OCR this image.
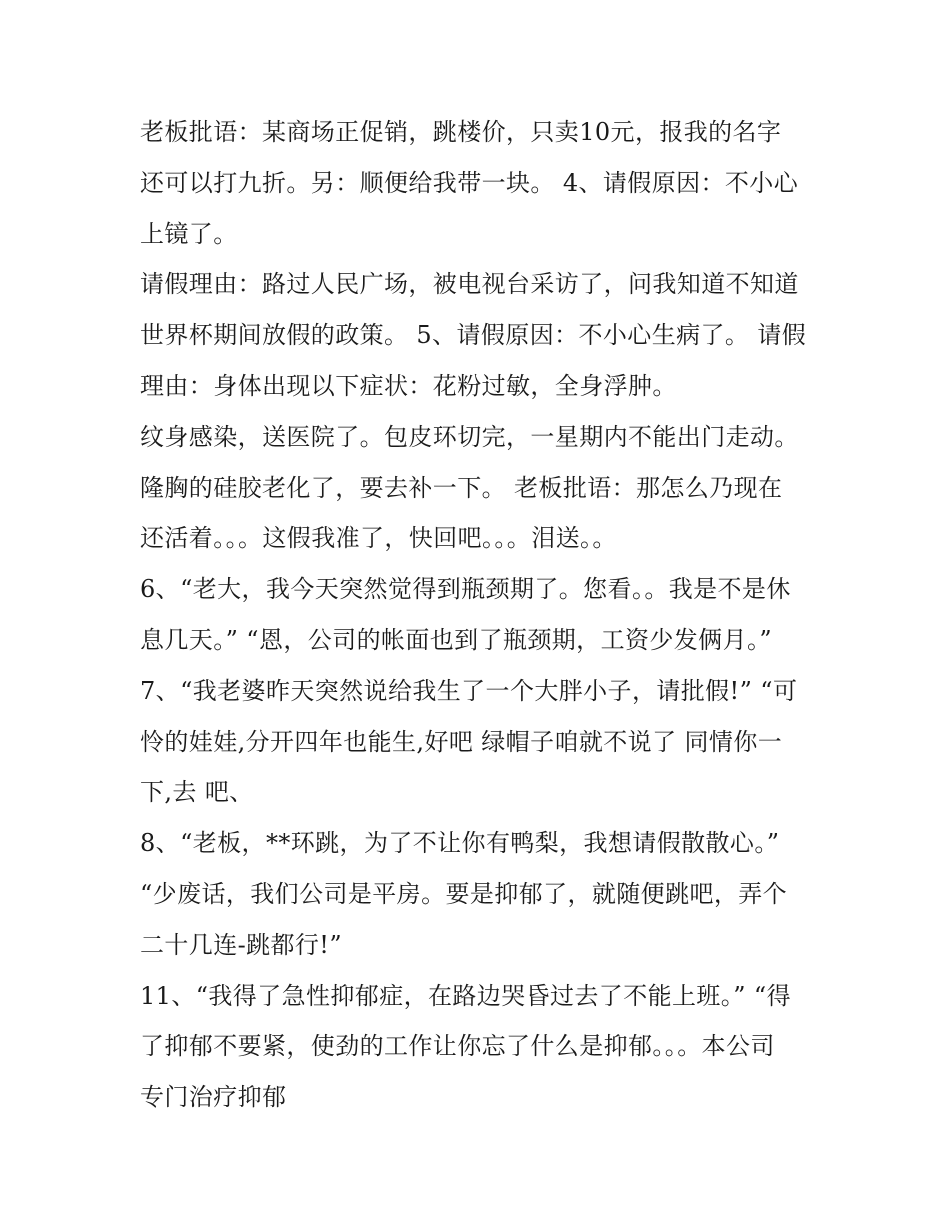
老板批语：某商场正促销，跳楼价，只卖10元，报我的名字
还可以打九折。另：顺便给我带一块。 4、请假原因：不小心
上镜了。
请假理由：路过人民广场，被电视台采访了，问我知道不知道
世界杯期间放假的政策。 5、请假原因：不小心生病了。 请假
理由：身体出现以下症状：花粉过敏，全身浮肿。
纹身感染，送医院了。包皮环切完，一星期内不能出门走动。
隆胸的硅胶老化了，要去补一下。 老板批语：那怎么乃现在
还活着。。。这假我准了，快回吧。。。泪送。。
6、“老大，我今天突然觉得到瓶颈期了。您看。。我是不是休
息几天。” “恩，公司的帐面也到了瓶颈期，工资少发俩月。”
7、“我老婆昨天突然说给我生了一个大胖小子，请批假!” “可
怜的娃娃,分开四年也能生,好吧 绿帽子咱就不说了 同情你一
下,去 吧、
8、“老板，**环跳，为了不让你有鸭梨，我想请假散散心。”
“少废话，我们公司是平房。要是抑郁了，就随便跳吧，弄个
二十几连-跳都行!”
11、“我得了急性抑郁症，在路边哭昏过去了不能上班。” “得
了抑郁不要紧，使劲的工作让你忘了什么是抑郁。。。本公司
专门治疗抑郁
